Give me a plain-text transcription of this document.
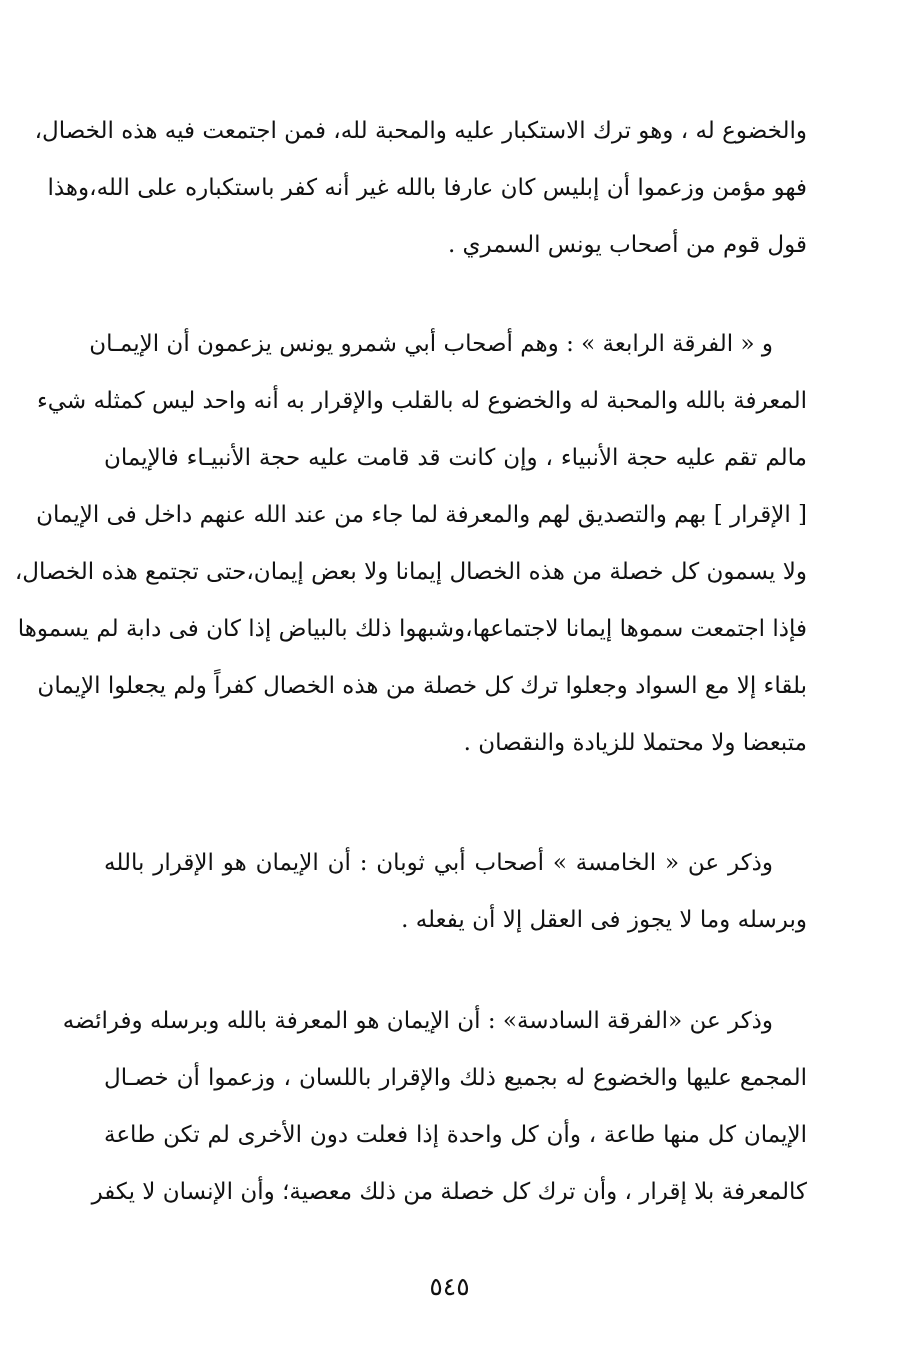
والخضوع له ، وهو ترك الاستكبار عليه والمحبة لله، فمن اجتمعت فيه هذه الخصال،
فهو مؤمن وزعموا أن إبليس كان عارفا بالله غير أنه كفر باستكباره على الله،وهذا
قول قوم من أصحاب يونس السمري .
و « الفرقة الرابعة » : وهم أصحاب أبي شمرو يونس يزعمون أن الإيمـان
المعرفة بالله والمحبة له والخضوع له بالقلب والإقرار به أنه واحد ليس كمثله شيء
مالم تقم عليه حجة الأنبياء ، وإن كانت قد قامت عليه حجة الأنبيـاء فالإيمان
[ الإقرار ] بهم والتصديق لهم والمعرفة لما جاء من عند الله عنهم داخل فى الإيمان
ولا يسمون كل خصلة من هذه الخصال إيمانا ولا بعض إيمان،حتى تجتمع هذه الخصال،
فإذا اجتمعت سموها إيمانا لاجتماعها،وشبهوا ذلك بالبياض إذا كان فى دابة لم يسموها
بلقاء إلا مع السواد وجعلوا ترك كل خصلة من هذه الخصال كفراً ولم يجعلوا الإيمان
متبعضا ولا محتملا للزيادة والنقصان .
وذكر عن « الخامسة » أصحاب أبي ثوبان : أن الإيمان هو الإقرار بالله
وبرسله وما لا يجوز فى العقل إلا أن يفعله .
وذكر عن «الفرقة السادسة» : أن الإيمان هو المعرفة بالله وبرسله وفرائضه
المجمع عليها والخضوع له بجميع ذلك والإقرار باللسان ، وزعموا أن خصـال
الإيمان كل منها طاعة ، وأن كل واحدة إذا فعلت دون الأخرى لم تكن طاعة
كالمعرفة بلا إقرار ، وأن ترك كل خصلة من ذلك معصية؛ وأن الإنسان لا يكفر
٥٤٥
